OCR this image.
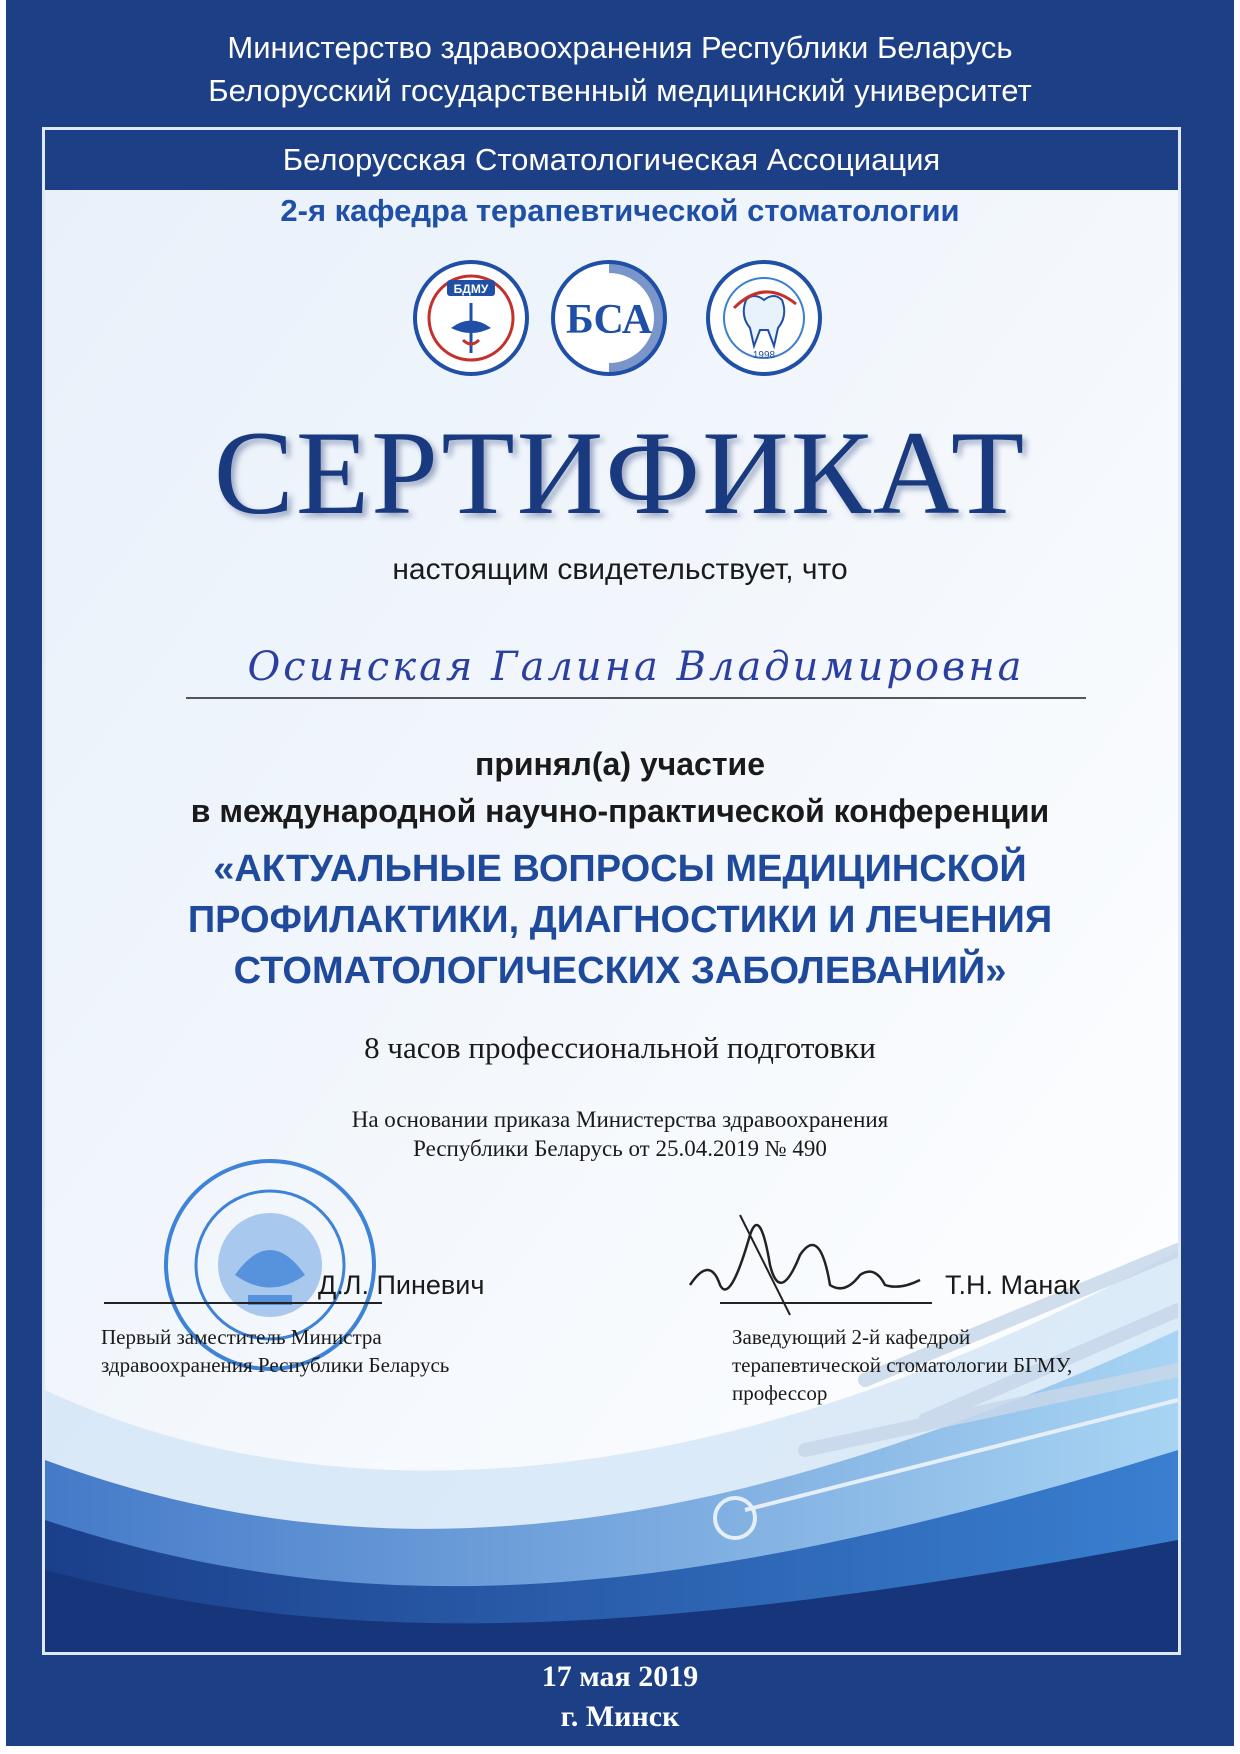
Министерство здравоохранения Республики Беларусь
Белорусский государственный медицинский университет
Белорусская Стоматологическая Ассоциация
2-я кафедра терапевтической стоматологии
БДМУ
БСА
1998
СЕРТИФИКАТ
настоящим свидетельствует, что
Осинская Галина Владимировна
принял(а) участие
в международной научно-практической конференции
«АКТУАЛЬНЫЕ ВОПРОСЫ МЕДИЦИНСКОЙ
ПРОФИЛАКТИКИ, ДИАГНОСТИКИ И ЛЕЧЕНИЯ
СТОМАТОЛОГИЧЕСКИХ ЗАБОЛЕВАНИЙ»
8 часов профессиональной подготовки
На основании приказа Министерства здравоохранения
Республики Беларусь от 25.04.2019 № 490
Д.Л. Пиневич
Первый заместитель Министра
здравоохранения Республики Беларусь
Т.Н. Манак
Заведующий 2-й кафедрой
терапевтической стоматологии БГМУ,
профессор
17 мая 2019
г. Минск
